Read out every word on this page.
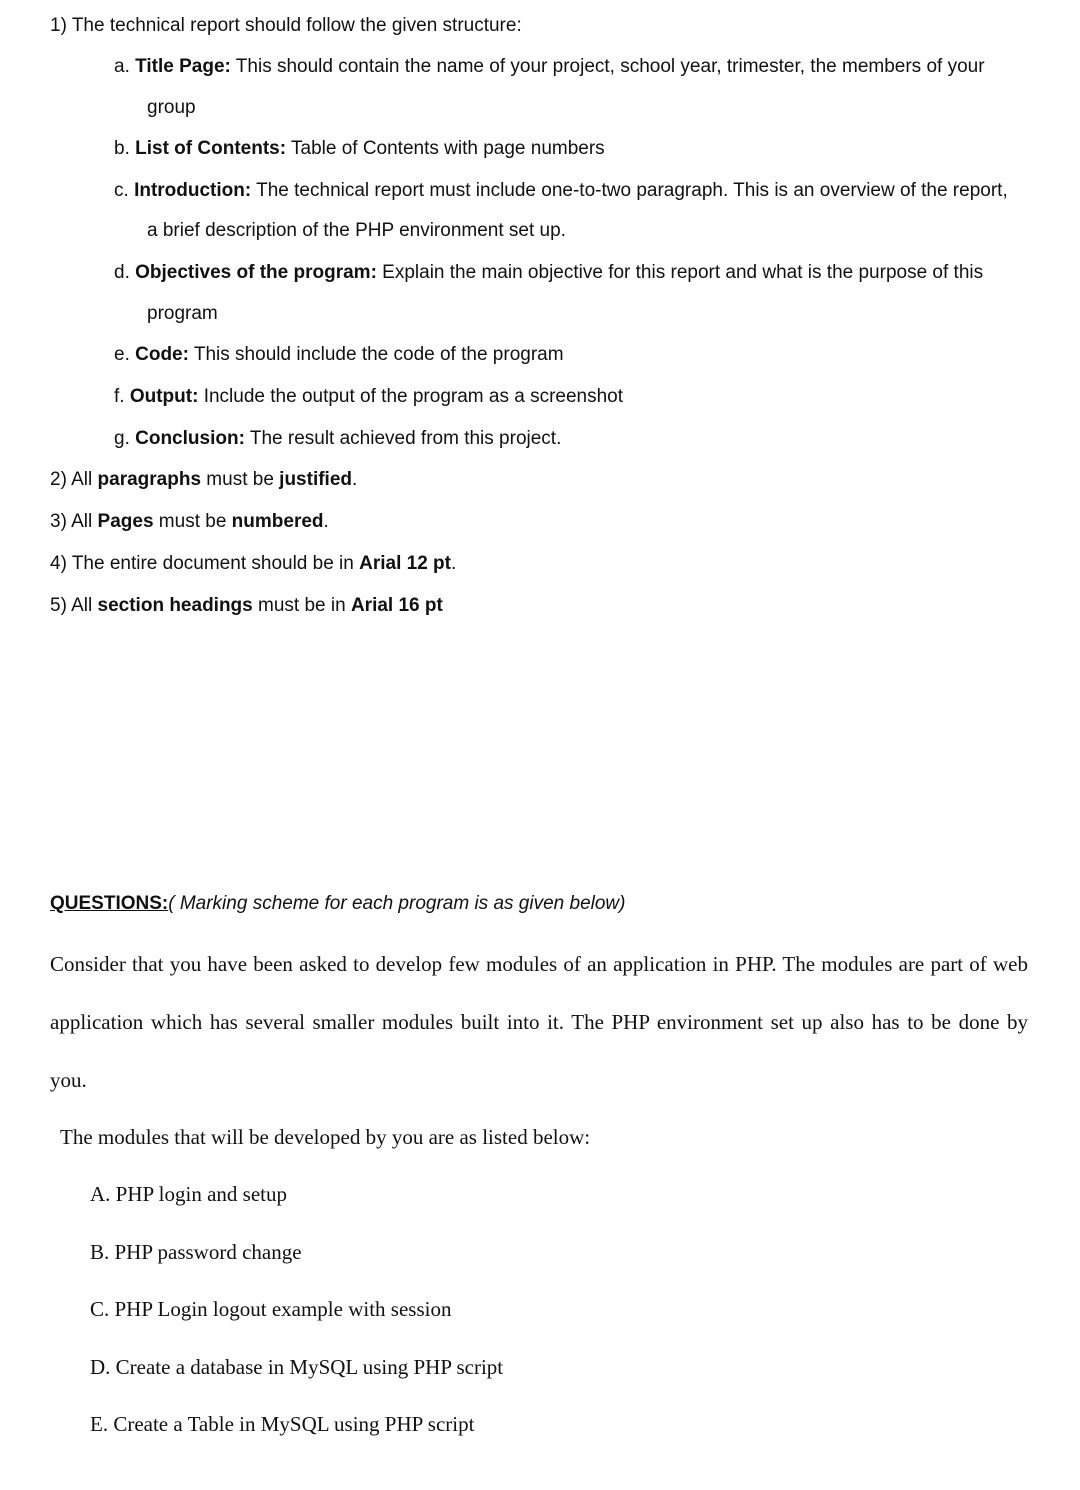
1) The technical report should follow the given structure:
a. Title Page: This should contain the name of your project, school year, trimester, the members of your
group
b. List of Contents: Table of Contents with page numbers
c. Introduction: The technical report must include one-to-two paragraph. This is an overview of the report,
a brief description of the PHP environment set up.
d. Objectives of the program: Explain the main objective for this report and what is the purpose of this
program
e. Code: This should include the code of the program
f. Output: Include the output of the program as a screenshot
g. Conclusion: The result achieved from this project.
2) All paragraphs must be justified.
3) All Pages must be numbered.
4) The entire document should be in Arial 12 pt.
5) All section headings must be in Arial 16 pt
QUESTIONS:( Marking scheme for each program is as given below)
Consider that you have been asked to develop few modules of an application in PHP. The modules are part of web
application which has several smaller modules built into it. The PHP environment set up also has to be done by
you.
The modules that will be developed by you are as listed below:
A. PHP login and setup
B. PHP password change
C. PHP Login logout example with session
D. Create a database in MySQL using PHP script
E. Create a Table in MySQL using PHP script
